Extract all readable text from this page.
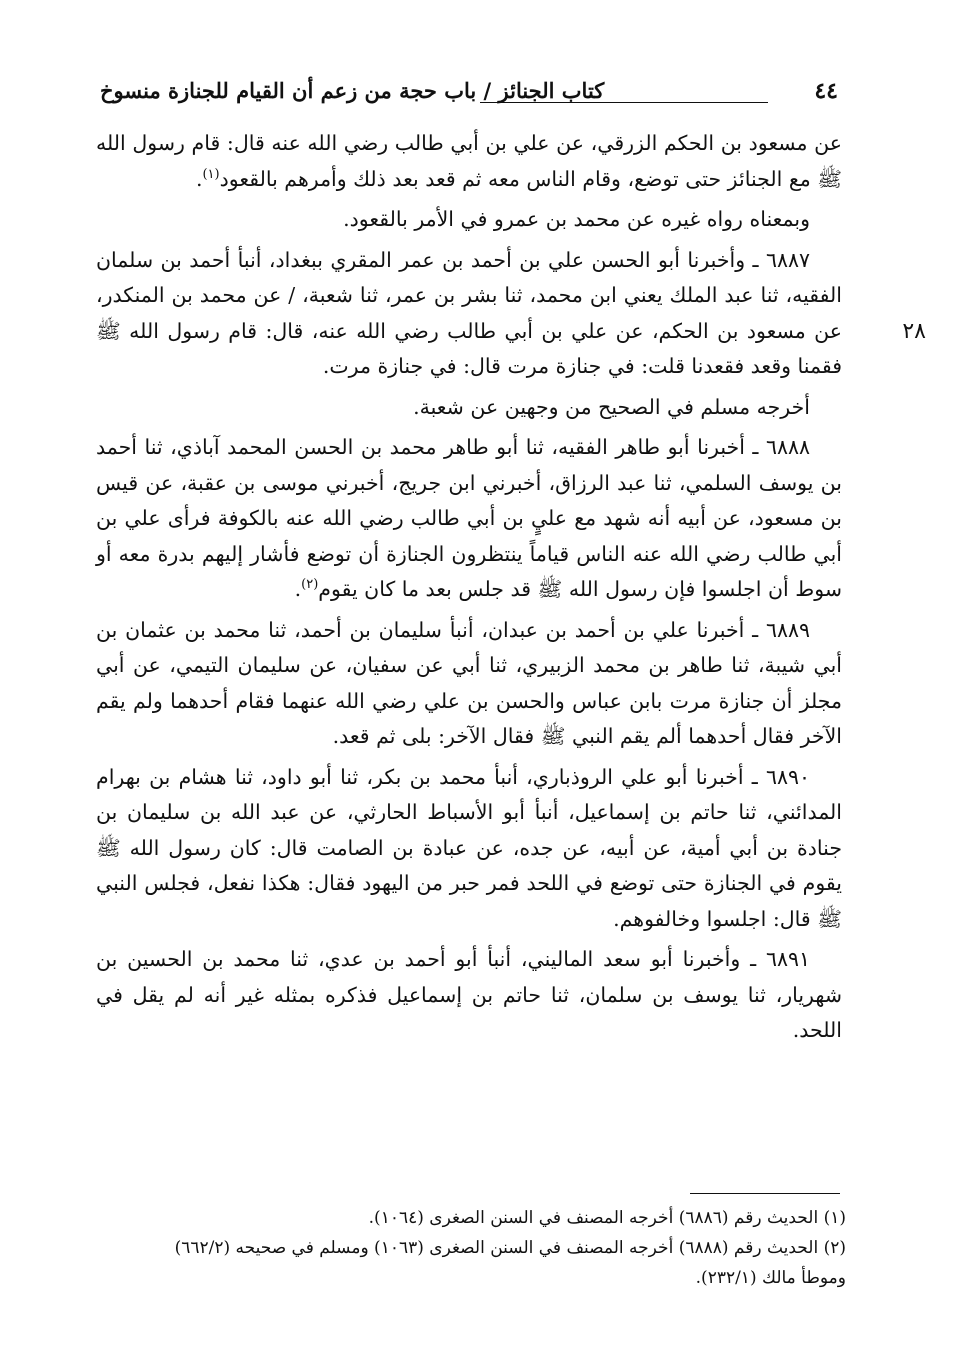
٤٤
كتاب الجنائز / باب حجة من زعم أن القيام للجنازة منسوخ
٢٨

عن مسعود بن الحكم الزرقي، عن علي بن أبي طالب رضي الله عنه قال: قام رسول الله ﷺ مع الجنائز حتى توضع، وقام الناس معه ثم قعد بعد ذلك وأمرهم بالقعود$^{(١)}$.

وبمعناه رواه غيره عن محمد بن عمرو في الأمر بالقعود.

٦٨٨٧ ـ وأخبرنا أبو الحسن علي بن أحمد بن عمر المقري ببغداد، أنبأ أحمد بن سلمان الفقيه، ثنا عبد الملك يعني ابن محمد، ثنا بشر بن عمر، ثنا شعبة، / عن محمد بن المنكدر، عن مسعود بن الحكم، عن علي بن أبي طالب رضي الله عنه، قال: قام رسول الله ﷺ فقمنا وقعد فقعدنا قلت: في جنازة مرت قال: في جنازة مرت.

أخرجه مسلم في الصحيح من وجهين عن شعبة.

٦٨٨٨ ـ أخبرنا أبو طاهر الفقيه، ثنا أبو طاهر محمد بن الحسن المحمد آباذي، ثنا أحمد بن يوسف السلمي، ثنا عبد الرزاق، أخبرني ابن جريج، أخبرني موسى بن عقبة، عن قيس بن مسعود، عن أبيه أنه شهد مع عليٍ بن أبي طالب رضي الله عنه بالكوفة فرأى علي بن أبي طالب رضي الله عنه الناس قياماً ينتظرون الجنازة أن توضع فأشار إليهم بدرة معه أو سوط أن اجلسوا فإن رسول الله ﷺ قد جلس بعد ما كان يقوم$^{(٢)}$.

٦٨٨٩ ـ أخبرنا علي بن أحمد بن عبدان، أنبأ سليمان بن أحمد، ثنا محمد بن عثمان بن أبي شيبة، ثنا طاهر بن محمد الزبيري، ثنا أبي عن سفيان، عن سليمان التيمي، عن أبي مجلز أن جنازة مرت بابن عباس والحسن بن علي رضي الله عنهما فقام أحدهما ولم يقم الآخر فقال أحدهما ألم يقم النبي ﷺ فقال الآخر: بلى ثم قعد.

٦٨٩٠ ـ أخبرنا أبو علي الروذباري، أنبأ محمد بن بكر، ثنا أبو داود، ثنا هشام بن بهرام المدائني، ثنا حاتم بن إسماعيل، أنبأ أبو الأسباط الحارثي، عن عبد الله بن سليمان بن جنادة بن أبي أمية، عن أبيه، عن جده، عن عبادة بن الصامت قال: كان رسول الله ﷺ يقوم في الجنازة حتى توضع في اللحد فمر حبر من اليهود فقال: هكذا نفعل، فجلس النبي ﷺ قال: اجلسوا وخالفوهم.

٦٨٩١ ـ وأخبرنا أبو سعد الماليني، أنبأ أبو أحمد بن عدي، ثنا محمد بن الحسين بن شهريار، ثنا يوسف بن سلمان، ثنا حاتم بن إسماعيل فذكره بمثله غير أنه لم يقل في اللحد.

(١) الحديث رقم (٦٨٨٦) أخرجه المصنف في السنن الصغرى (١٠٦٤).

(٢) الحديث رقم (٦٨٨٨) أخرجه المصنف في السنن الصغرى (١٠٦٣) ومسلم في صحيحه (٦٦٢/٢)

وموطأ مالك (٢٣٢/١).
